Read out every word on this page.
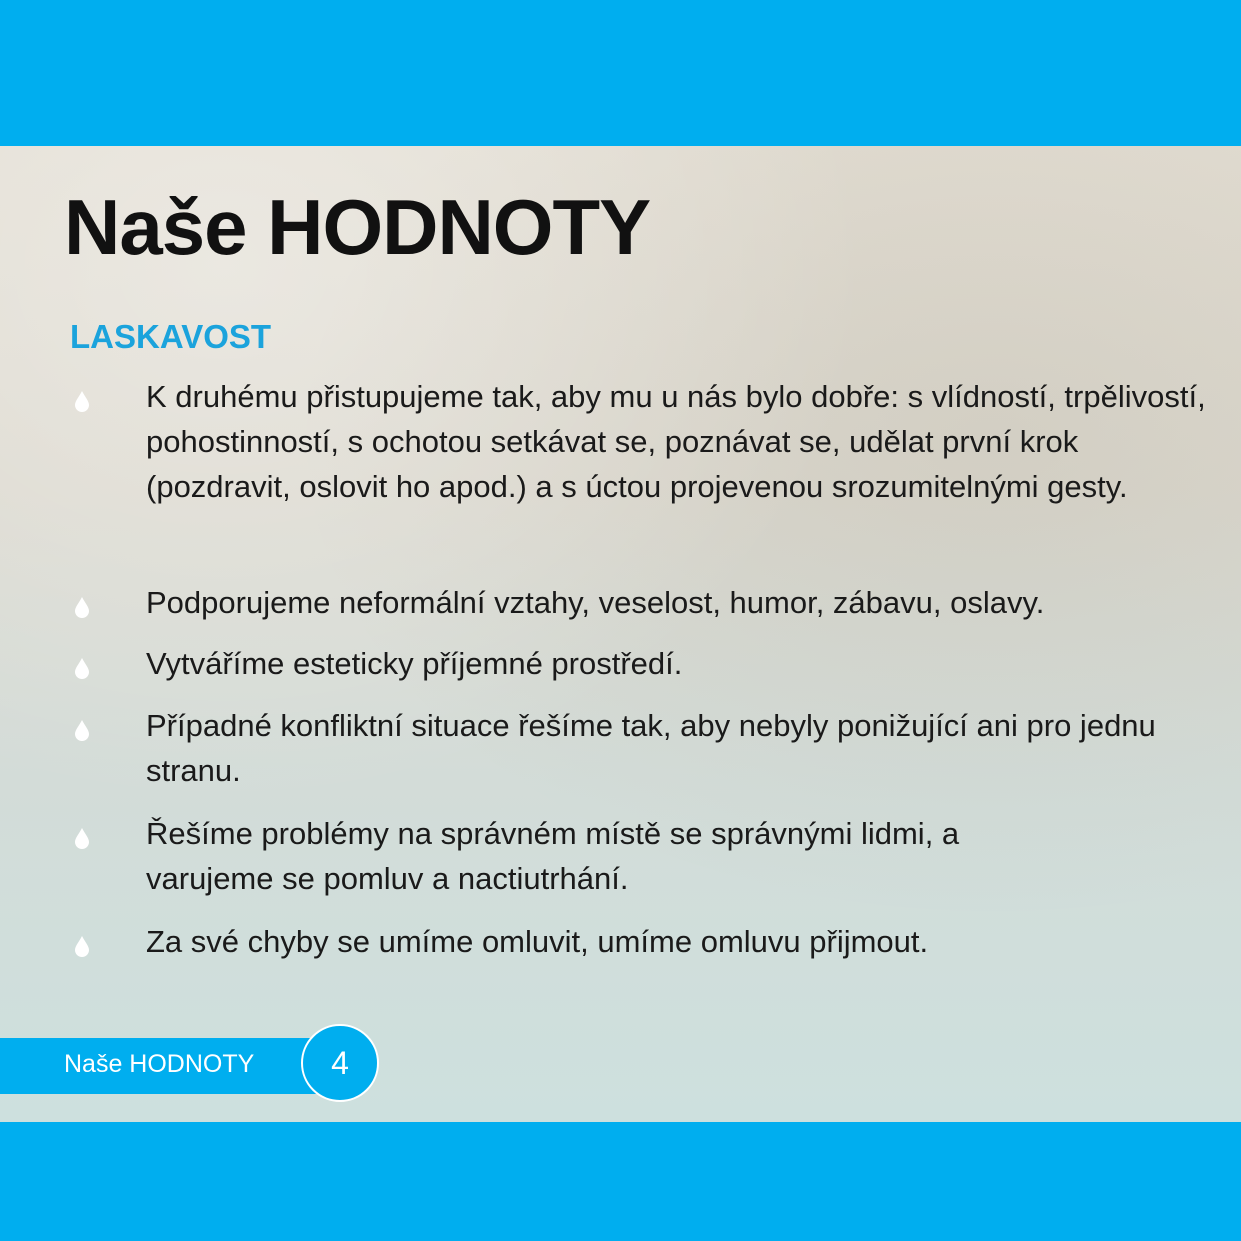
Naše HODNOTY
LASKAVOST
K druhému přistupujeme tak, aby mu u nás bylo dobře: s vlídností, trpělivostí, pohostinností, s ochotou setkávat se, poznávat se, udělat první krok (pozdravit, oslovit ho apod.) a s úctou projevenou srozumitelnými gesty.
Podporujeme neformální vztahy, veselost, humor, zábavu, oslavy.
Vytváříme esteticky příjemné prostředí.
Případné konfliktní situace řešíme tak, aby nebyly ponižující ani pro jednu stranu.
Řešíme problémy na správném místě se správnými lidmi, a varujeme se pomluv a nactiutrhání.
Za své chyby se umíme omluvit, umíme omluvu přijmout.
Naše HODNOTY	4
